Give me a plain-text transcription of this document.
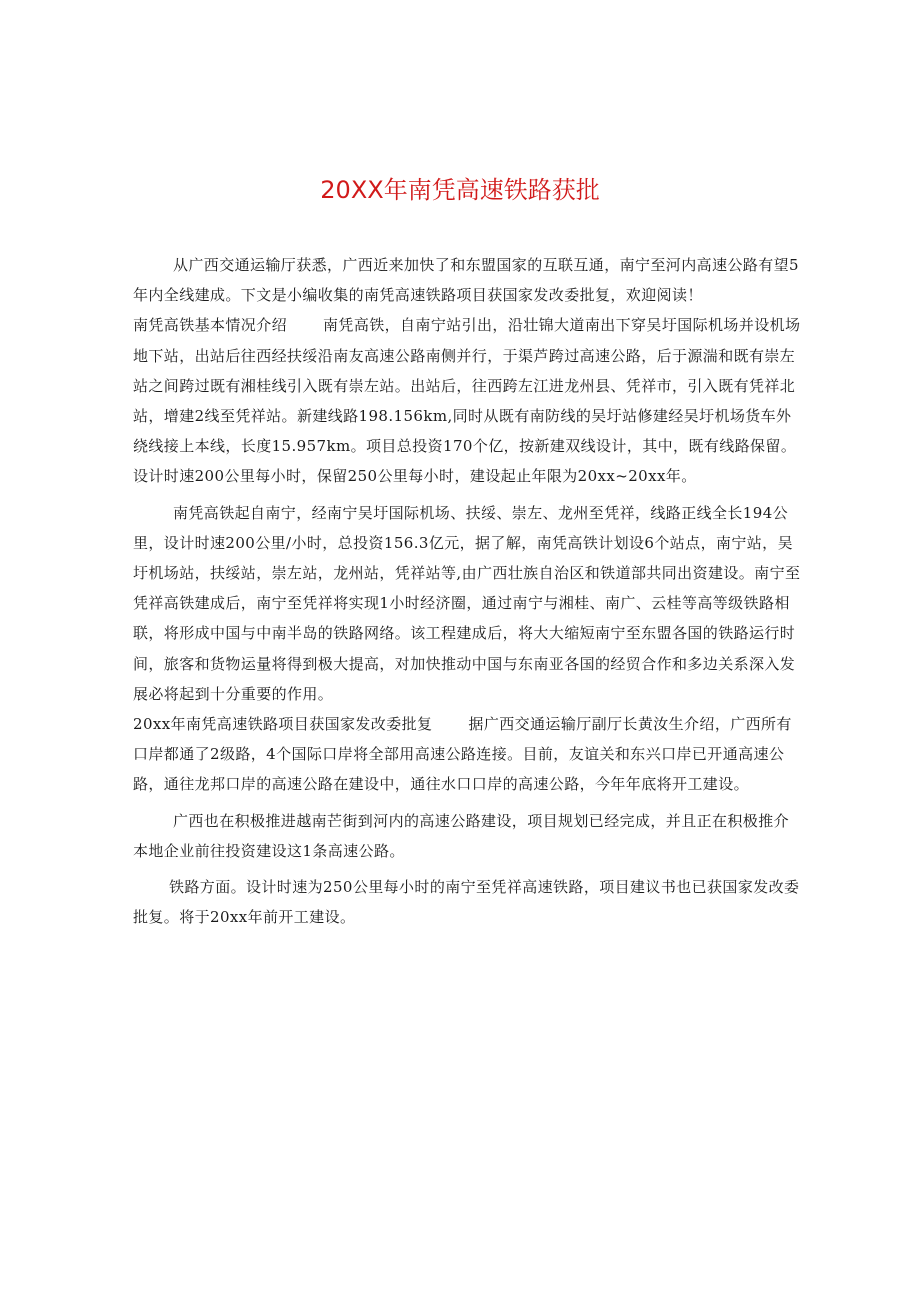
20XX年南凭高速铁路获批

从广西交通运输厅获悉，广西近来加快了和东盟国家的互联互通，南宁至河内高速公路有望5年内全线建成。下文是小编收集的南凭高速铁路项目获国家发改委批复，欢迎阅读！

南凭高铁基本情况介绍 南凭高铁，自南宁站引出，沿壮锦大道南出下穿吴圩国际机场并设机场地下站，出站后往西经扶绥沿南友高速公路南侧并行，于渠芦跨过高速公路，后于源湍和既有崇左站之间跨过既有湘桂线引入既有崇左站。出站后，往西跨左江进龙州县、凭祥市，引入既有凭祥北站，增建2线至凭祥站。新建线路198.156km,同时从既有南防线的吴圩站修建经吴圩机场货车外绕线接上本线，长度15.957km。项目总投资170个亿，按新建双线设计，其中，既有线路保留。设计时速200公里每小时，保留250公里每小时，建设起止年限为20xx~20xx年。

南凭高铁起自南宁，经南宁吴圩国际机场、扶绥、崇左、龙州至凭祥，线路正线全长194公里，设计时速200公里/小时，总投资156.3亿元，据了解，南凭高铁计划设6个站点，南宁站，吴圩机场站，扶绥站，崇左站，龙州站，凭祥站等,由广西壮族自治区和铁道部共同出资建设。南宁至凭祥高铁建成后，南宁至凭祥将实现1小时经济圈，通过南宁与湘桂、南广、云桂等高等级铁路相联，将形成中国与中南半岛的铁路网络。该工程建成后，将大大缩短南宁至东盟各国的铁路运行时间，旅客和货物运量将得到极大提高，对加快推动中国与东南亚各国的经贸合作和多边关系深入发展必将起到十分重要的作用。

20xx年南凭高速铁路项目获国家发改委批复 据广西交通运输厅副厅长黄汝生介绍，广西所有口岸都通了2级路，4个国际口岸将全部用高速公路连接。目前，友谊关和东兴口岸已开通高速公路，通往龙邦口岸的高速公路在建设中，通往水口口岸的高速公路，今年年底将开工建设。

广西也在积极推进越南芒街到河内的高速公路建设，项目规划已经完成，并且正在积极推介本地企业前往投资建设这1条高速公路。

铁路方面。设计时速为250公里每小时的南宁至凭祥高速铁路，项目建议书也已获国家发改委批复。将于20xx年前开工建设。
